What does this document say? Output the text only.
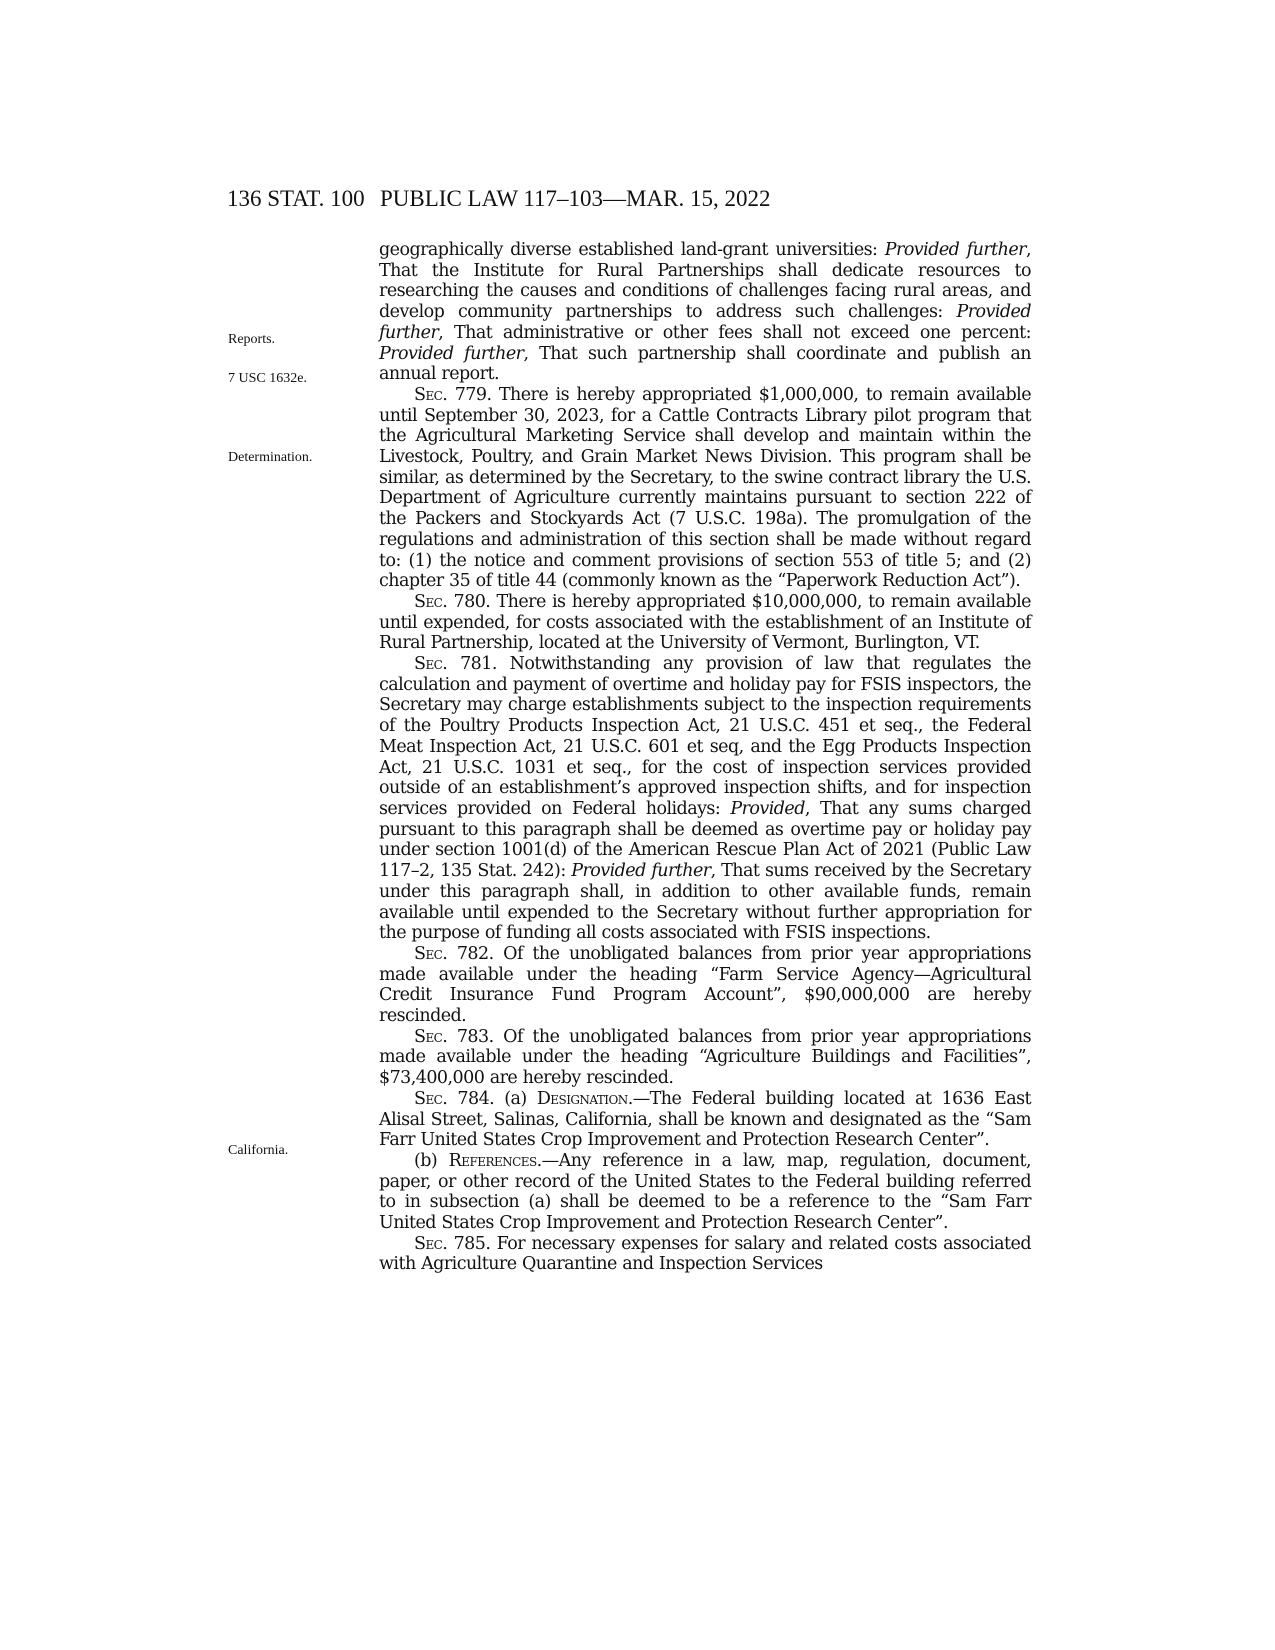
136 STAT. 100 PUBLIC LAW 117–103—MAR. 15, 2022
Reports.
7 USC 1632e.
Determination.
California.

geographically diverse established land-grant universities: Provided further, That the Institute for Rural Partnerships shall dedicate resources to researching the causes and conditions of challenges facing rural areas, and develop community partnerships to address such challenges: Provided further, That administrative or other fees shall not exceed one percent: Provided further, That such partnership shall coordinate and publish an annual report.

Sec. 779. There is hereby appropriated $1,000,000, to remain available until September 30, 2023, for a Cattle Contracts Library pilot program that the Agricultural Marketing Service shall develop and maintain within the Livestock, Poultry, and Grain Market News Division. This program shall be similar, as determined by the Secretary, to the swine contract library the U.S. Department of Agriculture currently maintains pursuant to section 222 of the Packers and Stockyards Act (7 U.S.C. 198a). The promulgation of the regulations and administration of this section shall be made without regard to: (1) the notice and comment provisions of section 553 of title 5; and (2) chapter 35 of title 44 (commonly known as the “Paperwork Reduction Act”).

Sec. 780. There is hereby appropriated $10,000,000, to remain available until expended, for costs associated with the establishment of an Institute of Rural Partnership, located at the University of Vermont, Burlington, VT.

Sec. 781. Notwithstanding any provision of law that regulates the calculation and payment of overtime and holiday pay for FSIS inspectors, the Secretary may charge establishments subject to the inspection requirements of the Poultry Products Inspection Act, 21 U.S.C. 451 et seq., the Federal Meat Inspection Act, 21 U.S.C. 601 et seq, and the Egg Products Inspection Act, 21 U.S.C. 1031 et seq., for the cost of inspection services provided outside of an establishment’s approved inspection shifts, and for inspection services provided on Federal holidays: Provided, That any sums charged pursuant to this paragraph shall be deemed as overtime pay or holiday pay under section 1001(d) of the American Rescue Plan Act of 2021 (Public Law 117–2, 135 Stat. 242): Provided further, That sums received by the Secretary under this paragraph shall, in addition to other available funds, remain available until expended to the Secretary without further appropriation for the purpose of funding all costs associated with FSIS inspections.

Sec. 782. Of the unobligated balances from prior year appropriations made available under the heading “Farm Service Agency—Agricultural Credit Insurance Fund Program Account”, $90,000,000 are hereby rescinded.

Sec. 783. Of the unobligated balances from prior year appropriations made available under the heading “Agriculture Buildings and Facilities”, $73,400,000 are hereby rescinded.

Sec. 784. (a) Designation.—The Federal building located at 1636 East Alisal Street, Salinas, California, shall be known and designated as the “Sam Farr United States Crop Improvement and Protection Research Center”.

(b) References.—Any reference in a law, map, regulation, document, paper, or other record of the United States to the Federal building referred to in subsection (a) shall be deemed to be a reference to the “Sam Farr United States Crop Improvement and Protection Research Center”.

Sec. 785. For necessary expenses for salary and related costs associated with Agriculture Quarantine and Inspection Services
